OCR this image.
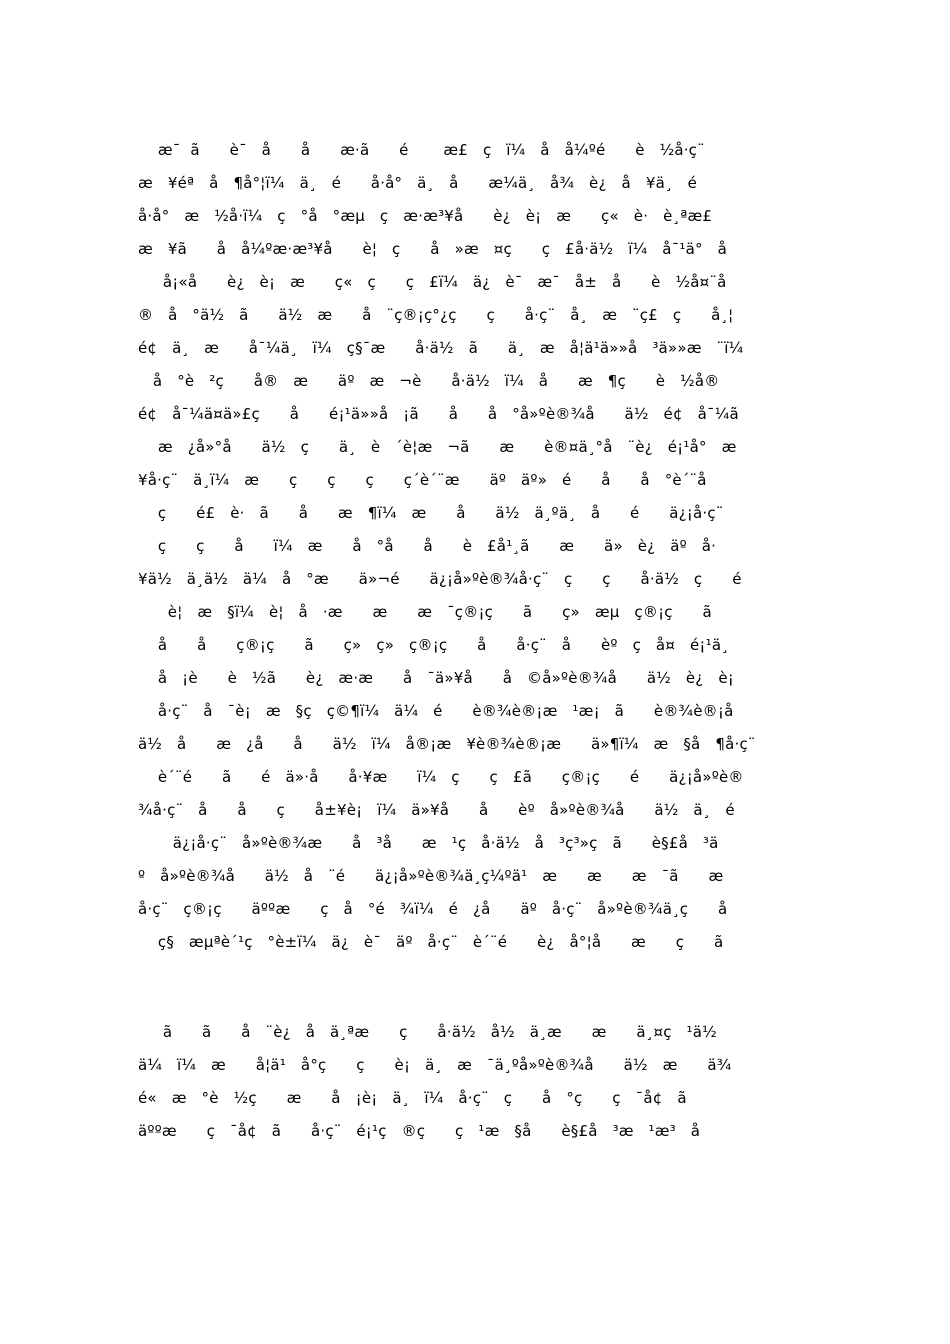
æ¯  ã      è¯   å      å      æ·ã      é       æ£   ç   ï¼   å   å¼ºé      è   ½å·ç¨

æ   ¥éª   å   ¶å°¦ï¼   ä¸   é      å·å°   ä¸   å      æ¼ä¸   å¾   è¿   å   ¥ä¸   é

å·å°   æ   ½å·ï¼   ç   °å   °æµ   ç   æ·æ³¥å      è¿   è¡   æ      ç«   è·   è¸ªæ£

æ   ¥ã      å   å¼ºæ·æ³¥å      è¦   ç      å   »æ   ¤ç      ç   £å·ä½   ï¼   å¯¹ä°   å

å¡«å      è¿   è¡   æ      ç«   ç      ç   £ï¼   ä¿   è¯   æ¯   å±   å      è   ½å¤¨å

®   å   °ä½   ã      ä½   æ      å   ¨ç®¡ç°¿ç      ç      å·ç¨   å¸   æ   ¨ç£   ç      å¸¦

é¢   ä¸   æ      å¯¼ä¸   ï¼   ç§¯æ      å·ä½   ã      ä¸   æ   å¦ä¹ä»»å   ³ä»»æ   ¨ï¼

å   °è   ²ç      å®   æ      äº   æ   ¬è      å·ä½   ï¼   å      æ   ¶ç      è   ½å®

é¢   å¯¼ä¤ä»£ç      å      é¡¹ä»»å   ¡ã      å      å   °å»ºè®¾å      ä½   é¢   å¯¼ã

æ   ¿å»°å      ä½   ç      ä¸   è   ´è¦æ   ¬ã      æ      è®¤ä¸°å   ¨è¿   é¡¹å°   æ

¥å·ç¨   ä¸ï¼   æ      ç      ç      ç      ç´è´¨æ      äº   äº»   é      å      å   °è´¨å

ç      é£   è·   ã      å      æ   ¶ï¼   æ      å      ä½   ä¸ºä¸   å      é      ä¿¡å·ç¨

ç      ç      å      ï¼   æ      å   °å      å      è   £å¹¸ã      æ      ä»   è¿   äº   å·

¥ä½   ä¸ä½   ä¼   å   °æ      ä»¬é      ä¿¡å»ºè®¾å·ç¨   ç      ç      å·ä½   ç      é

è¦   æ   §ï¼   è¦   å   ·æ      æ      æ   ¯ç®¡ç      ã      ç»   æµ   ç®¡ç      ã

å      å      ç®¡ç      ã      ç»   ç»   ç®¡ç      å      å·ç¨   å      èº   ç   å¤   é¡¹ä¸

å   ¡è      è   ½ã      è¿   æ·æ      å   ¯ä»¥å      å   ©å»ºè®¾å      ä½   è¿   è¡

å·ç¨   å   ¯è¡   æ   §ç   ç©¶ï¼   ä¼   é      è®¾è®¡æ   ¹æ¡   ã      è®¾è®¡å

ä½   å      æ   ¿å      å      ä½   ï¼   å®¡æ   ¥è®¾è®¡æ      ä»¶ï¼   æ   §å   ¶å·ç¨

è´¨é      ã      é   ä»·å      å·¥æ      ï¼   ç      ç   £ã      ç®¡ç      é      ä¿¡å»ºè®

¾å·ç¨   å      å      ç      å±¥è¡   ï¼   ä»¥å      å      èº   å»ºè®¾å      ä½   ä¸   é

ä¿¡å·ç¨   å»ºè®¾æ      å   ³å      æ   ¹ç   å·ä½   å   ³ç³»ç   ã      è§£å   ³ä

º   å»ºè®¾å      ä½   å   ¨é      ä¿¡å»ºè®¾ä¸ç¼ºä¹   æ      æ      æ   ¯ã      æ

å·ç¨   ç®¡ç      äººæ      ç   å   °é   ¾ï¼   é   ¿å      äº   å·ç¨   å»ºè®¾ä¸ç      å

ç§   æµªè´¹ç   °è±ï¼   ä¿   è¯   äº   å·ç¨   è´¨é      è¿   å°¦å      æ      ç      ã

ã      ã      å   ¨è¿   å   ä¸ªæ      ç      å·ä½   å½   ä¸æ      æ      ä¸¤ç   ¹ä½

ä¼   ï¼   æ      å¦ä¹   å°ç      ç      è¡   ä¸   æ   ¯ä¸ºå»ºè®¾å      ä½   æ      ä¾

é«   æ   °è   ½ç      æ      å   ¡è¡   ä¸   ï¼   å·ç¨   ç      å   °ç      ç   ¯å¢   ã

äººæ      ç   ¯å¢   ã      å·ç¨   é¡¹ç   ®ç      ç   ¹æ   §å      è§£å   ³æ   ¹æ³   å
